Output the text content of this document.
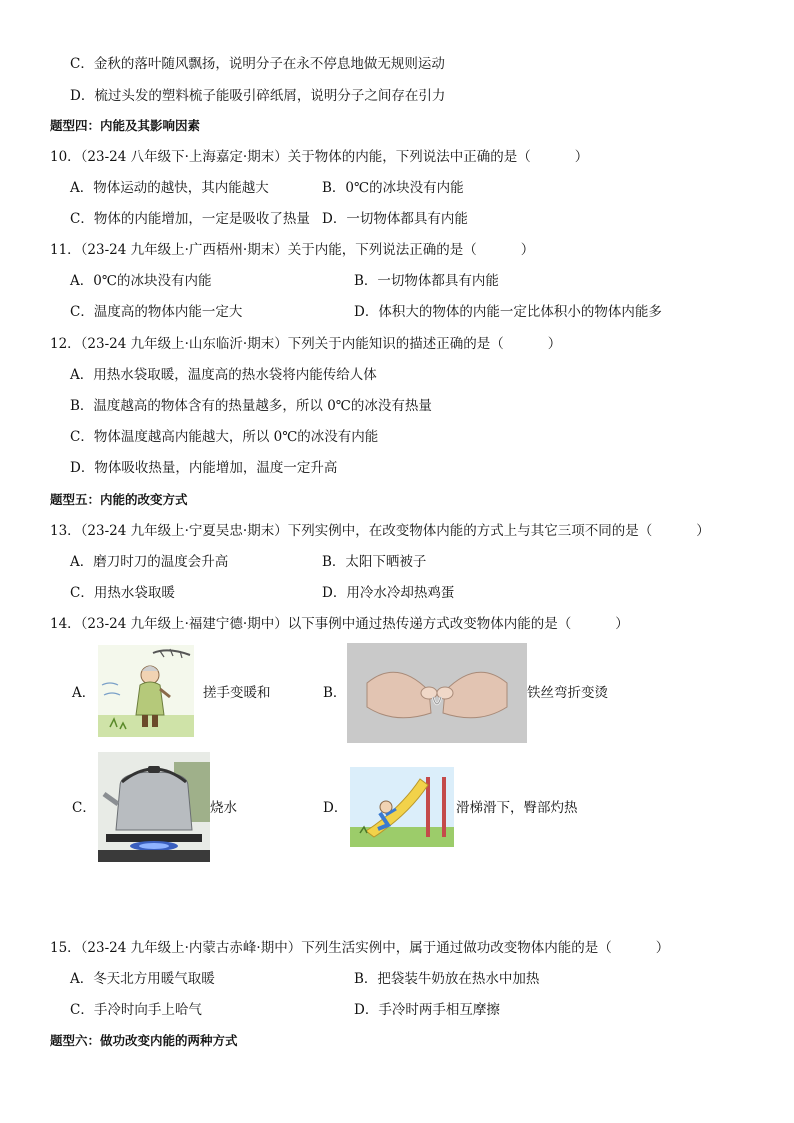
C．金秋的落叶随风飘扬，说明分子在永不停息地做无规则运动
D．梳过头发的塑料梳子能吸引碎纸屑，说明分子之间存在引力
题型四：内能及其影响因素
10．（23-24 八年级下·上海嘉定·期末）关于物体的内能，下列说法中正确的是（	）
A．物体运动的越快，其内能越大	B．0℃的冰块没有内能
C．物体的内能增加，一定是吸收了热量 D．一切物体都具有内能
11．（23-24 九年级上·广西梧州·期末）关于内能，下列说法正确的是（	）
A．0℃的冰块没有内能	B．一切物体都具有内能
C．温度高的物体内能一定大	D．体积大的物体的内能一定比体积小的物体内能多
12．（23-24 九年级上·山东临沂·期末）下列关于内能知识的描述正确的是（	）
A．用热水袋取暖，温度高的热水袋将内能传给人体
B．温度越高的物体含有的热量越多，所以 0℃的冰没有热量
C．物体温度越高内能越大，所以 0℃的冰没有内能
D．物体吸收热量，内能增加，温度一定升高
题型五：内能的改变方式
13．（23-24 九年级上·宁夏吴忠·期末）下列实例中，在改变物体内能的方式上与其它三项不同的是（	）
A．磨刀时刀的温度会升高	B．太阳下晒被子
C．用热水袋取暖	D．用冷水冷却热鸡蛋
14．（23-24 九年级上·福建宁德·期中）以下事例中通过热传递方式改变物体内能的是（	）
A．	搓手变暖和	B．	铁丝弯折变烫
C．	烧水	D．	滑梯滑下，臀部灼热
15．（23-24 九年级上·内蒙古赤峰·期中）下列生活实例中，属于通过做功改变物体内能的是（	）
A．冬天北方用暖气取暖	B．把袋装牛奶放在热水中加热
C．手冷时向手上哈气	D．手冷时两手相互摩擦
题型六：做功改变内能的两种方式
